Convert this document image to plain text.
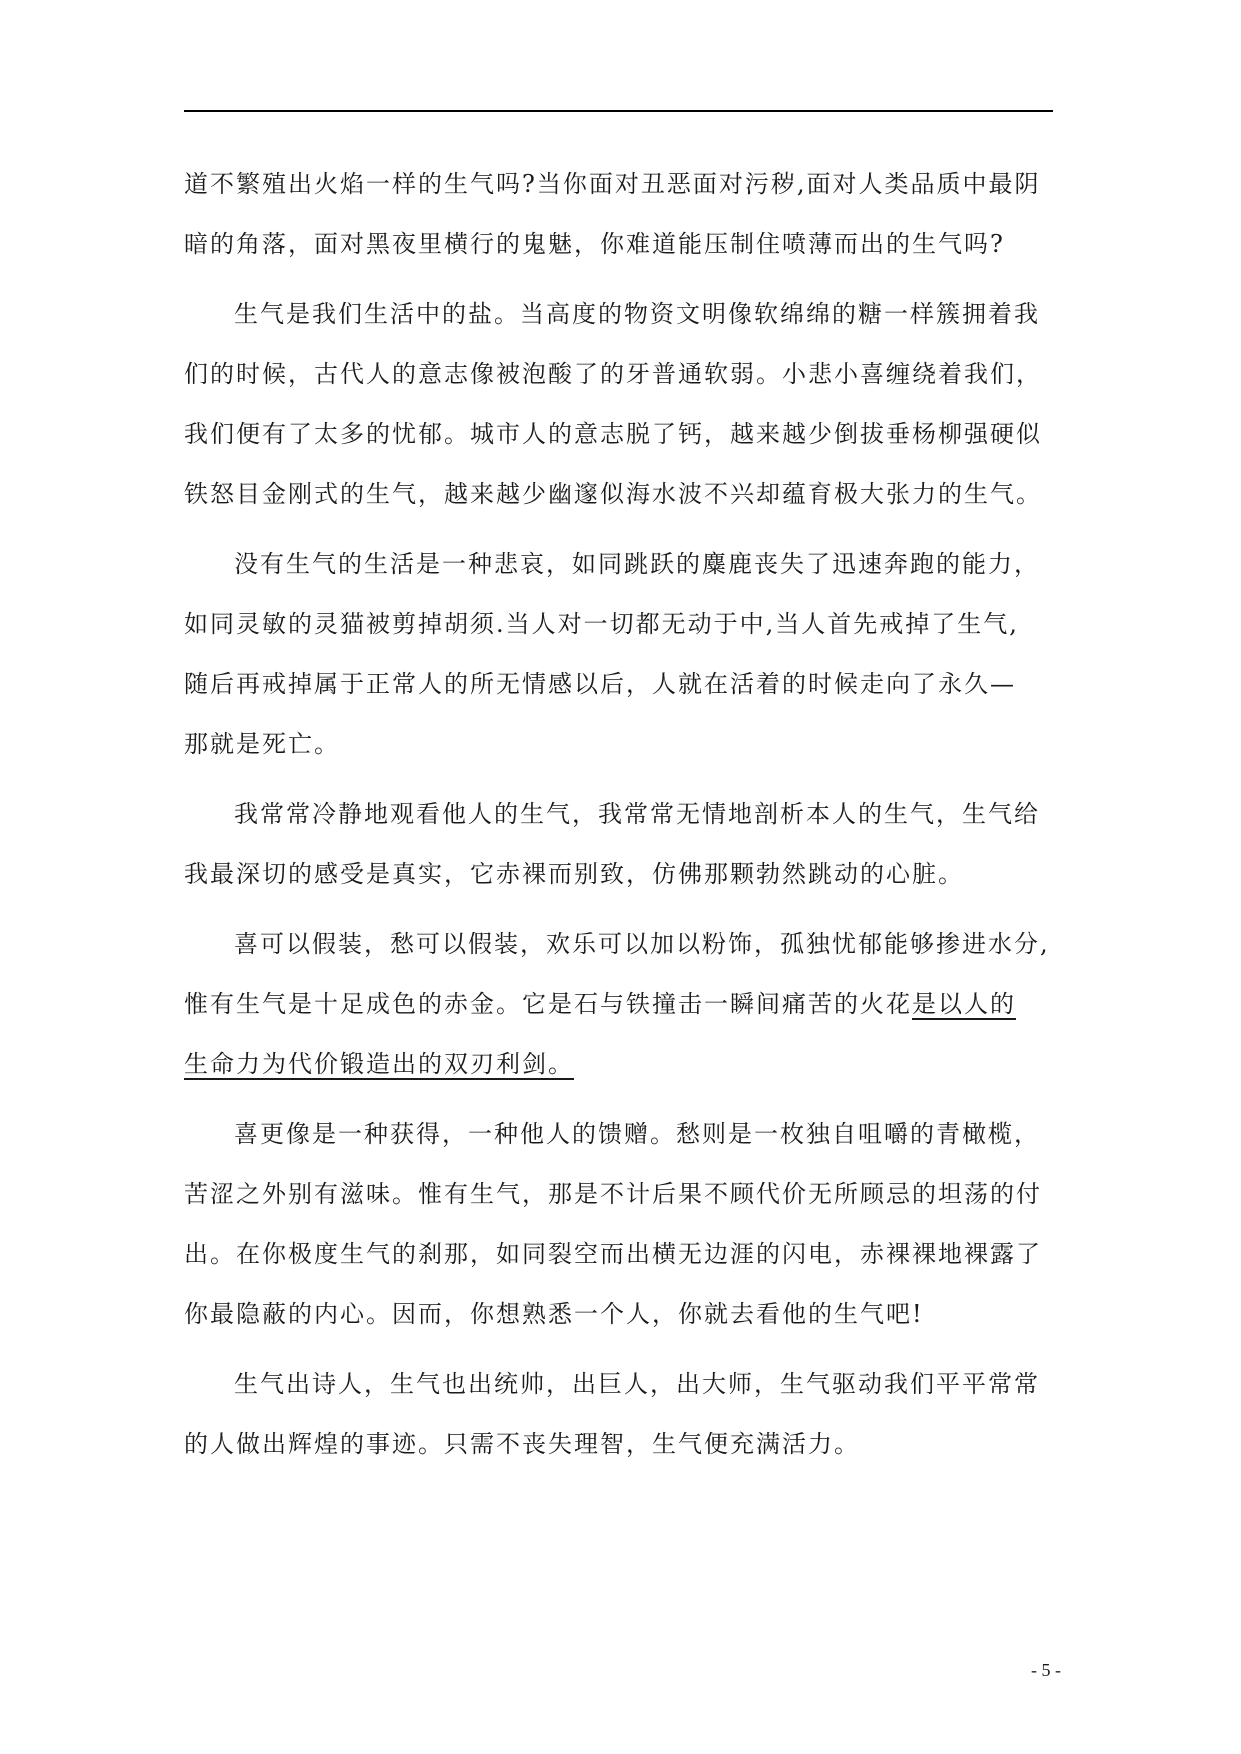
道不繁殖出火焰一样的生气吗?当你面对丑恶面对污秽,面对人类品质中最阴
暗的角落，面对黑夜里横行的鬼魅，你难道能压制住喷薄而出的生气吗?
生气是我们生活中的盐。当高度的物资文明像软绵绵的糖一样簇拥着我
们的时候，古代人的意志像被泡酸了的牙普通软弱。小悲小喜缠绕着我们，
我们便有了太多的忧郁。城市人的意志脱了钙，越来越少倒拔垂杨柳强硬似
铁怒目金刚式的生气，越来越少幽邃似海水波不兴却蕴育极大张力的生气。
没有生气的生活是一种悲哀，如同跳跃的麋鹿丧失了迅速奔跑的能力，
如同灵敏的灵猫被剪掉胡须.当人对一切都无动于中,当人首先戒掉了生气,
随后再戒掉属于正常人的所无情感以后，人就在活着的时候走向了永久—
那就是死亡。
我常常冷静地观看他人的生气，我常常无情地剖析本人的生气，生气给
我最深切的感受是真实，它赤裸而别致，仿佛那颗勃然跳动的心脏。
喜可以假装，愁可以假装，欢乐可以加以粉饰，孤独忧郁能够掺进水分,
惟有生气是十足成色的赤金。它是石与铁撞击一瞬间痛苦的火花是以人的
生命力为代价锻造出的双刃利剑。
喜更像是一种获得，一种他人的馈赠。愁则是一枚独自咀嚼的青橄榄，
苦涩之外别有滋味。惟有生气，那是不计后果不顾代价无所顾忌的坦荡的付
出。在你极度生气的刹那，如同裂空而出横无边涯的闪电，赤裸裸地裸露了
你最隐蔽的内心。因而，你想熟悉一个人，你就去看他的生气吧!
生气出诗人，生气也出统帅，出巨人，出大师，生气驱动我们平平常常
的人做出辉煌的事迹。只需不丧失理智，生气便充满活力。
- 5 -
